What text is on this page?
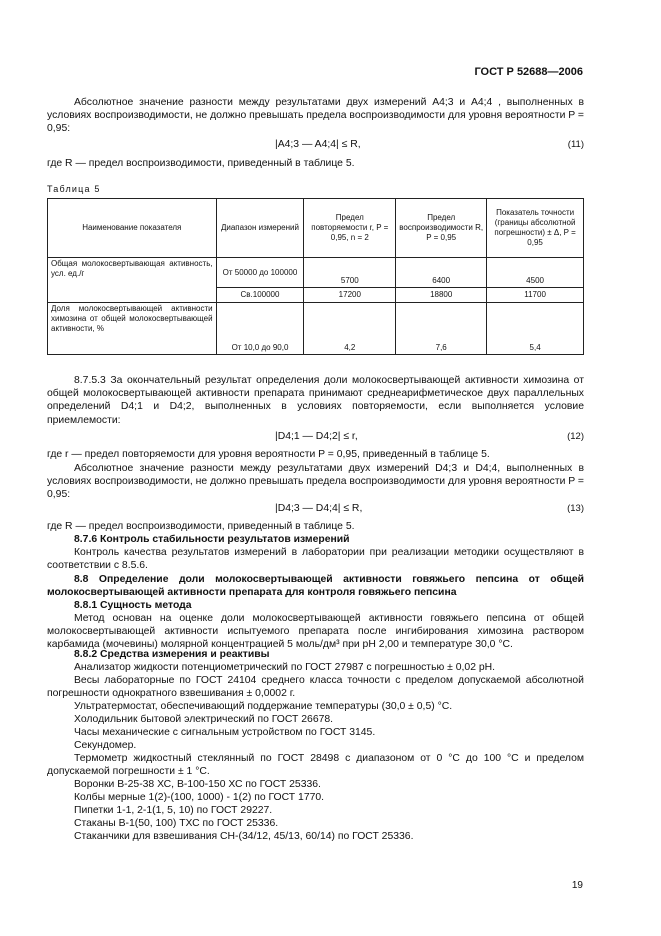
ГОСТ Р 52688—2006
Абсолютное значение разности между результатами двух измерений A4;3 и A4;4 , выполненных в условиях воспроизводимости, не должно превышать предела воспроизводимости для уровня вероятности P = 0,95:
|A4;3 — A4;4| ≤ R,	(11)
где R — предел воспроизводимости, приведенный в таблице 5.
Таблица 5
Наименование показателя	Диапазон измерений	Предел повторяемости r, P = 0,95, n = 2	Предел воспроизводимости R, P = 0,95	Показатель точности (границы абсолютной погрешности) ± Δ, P = 0,95
Общая молокосвертывающая активность, усл. ед./г	От 50000 до 100000	5700	6400	4500
	Св.100000	17200	18800	11700
Доля молокосвертывающей активности химозина от общей молокосвертывающей активности, %	От 10,0 до 90,0	4,2	7,6	5,4
8.7.5.3 За окончательный результат определения доли молокосвертывающей активности химозина от общей молокосвертывающей активности препарата принимают среднеарифметическое двух параллельных определений D4;1 и D4;2, выполненных в условиях повторяемости, если выполняется условие приемлемости:
|D4;1 — D4;2| ≤ r,	(12)
где r — предел повторяемости для уровня вероятности P = 0,95, приведенный в таблице 5.
Абсолютное значение разности между результатами двух измерений D4;3 и D4;4, выполненных в условиях воспроизводимости, не должно превышать предела воспроизводимости для уровня вероятности P = 0,95:
|D4;3 — D4;4| ≤ R,	(13)
где R — предел воспроизводимости, приведенный в таблице 5.
8.7.6 Контроль стабильности результатов измерений
Контроль качества результатов измерений в лаборатории при реализации методики осуществляют в соответствии с 8.5.6.
8.8 Определение доли молокосвертывающей активности говяжьего пепсина от общей молокосвертывающей активности препарата для контроля говяжьего пепсина
8.8.1 Сущность метода
Метод основан на оценке доли молокосвертывающей активности говяжьего пепсина от общей молокосвертывающей активности испытуемого препарата после ингибирования химозина раствором карбамида (мочевины) молярной концентрацией 5 моль/дм³ при pH 2,00 и температуре 30,0 °С.
8.8.2 Средства измерения и реактивы
Анализатор жидкости потенциометрический по ГОСТ 27987 с погрешностью ± 0,02 pH.
Весы лабораторные по ГОСТ 24104 среднего класса точности с пределом допускаемой абсолютной погрешности однократного взвешивания ± 0,0002 г.
Ультратермостат, обеспечивающий поддержание температуры (30,0 ± 0,5) °С.
Холодильник бытовой электрический по ГОСТ 26678.
Часы механические с сигнальным устройством по ГОСТ 3145.
Секундомер.
Термометр жидкостный стеклянный по ГОСТ 28498 с диапазоном от 0 °С до 100 °С и пределом допускаемой погрешности ± 1 °С.
Воронки В-25-38 ХС, В-100-150 ХС по ГОСТ 25336.
Колбы мерные 1(2)-(100, 1000) - 1(2) по ГОСТ 1770.
Пипетки 1-1, 2-1(1, 5, 10) по ГОСТ 29227.
Стаканы В-1(50, 100) ТХС по ГОСТ 25336.
Стаканчики для взвешивания СН-(34/12, 45/13, 60/14) по ГОСТ 25336.
19
